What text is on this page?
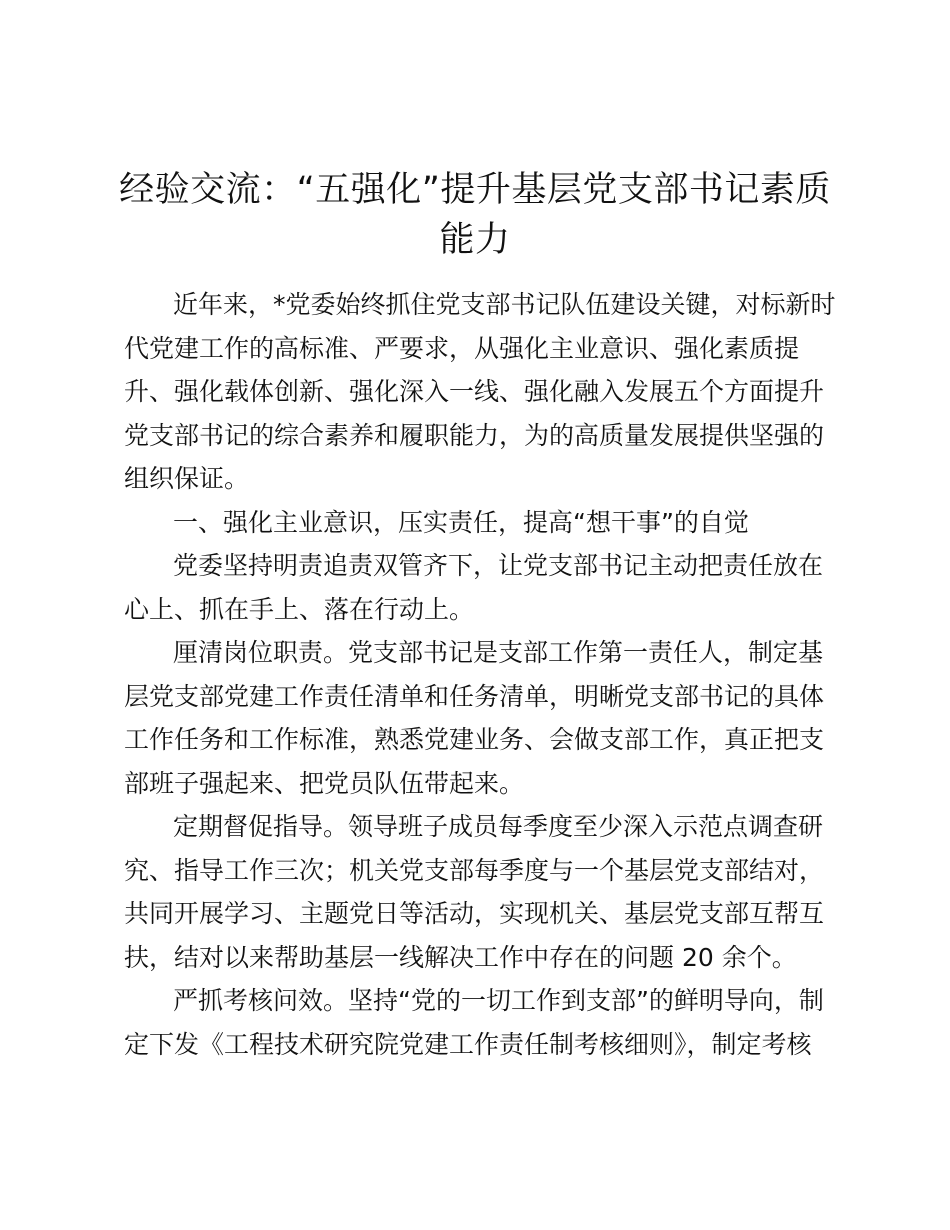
经验交流：“五强化”提升基层党支部书记素质
能力
近年来，*党委始终抓住党支部书记队伍建设关键，对标新时
代党建工作的高标准、严要求，从强化主业意识、强化素质提
升、强化载体创新、强化深入一线、强化融入发展五个方面提升
党支部书记的综合素养和履职能力，为的高质量发展提供坚强的
组织保证。
一、强化主业意识，压实责任，提高“想干事”的自觉
党委坚持明责追责双管齐下，让党支部书记主动把责任放在
心上、抓在手上、落在行动上。
厘清岗位职责。党支部书记是支部工作第一责任人，制定基
层党支部党建工作责任清单和任务清单，明晰党支部书记的具体
工作任务和工作标准，熟悉党建业务、会做支部工作，真正把支
部班子强起来、把党员队伍带起来。
定期督促指导。领导班子成员每季度至少深入示范点调查研
究、指导工作三次；机关党支部每季度与一个基层党支部结对，
共同开展学习、主题党日等活动，实现机关、基层党支部互帮互
扶，结对以来帮助基层一线解决工作中存在的问题 20 余个。
严抓考核问效。坚持“党的一切工作到支部”的鲜明导向，制
定下发《工程技术研究院党建工作责任制考核细则》，制定考核
